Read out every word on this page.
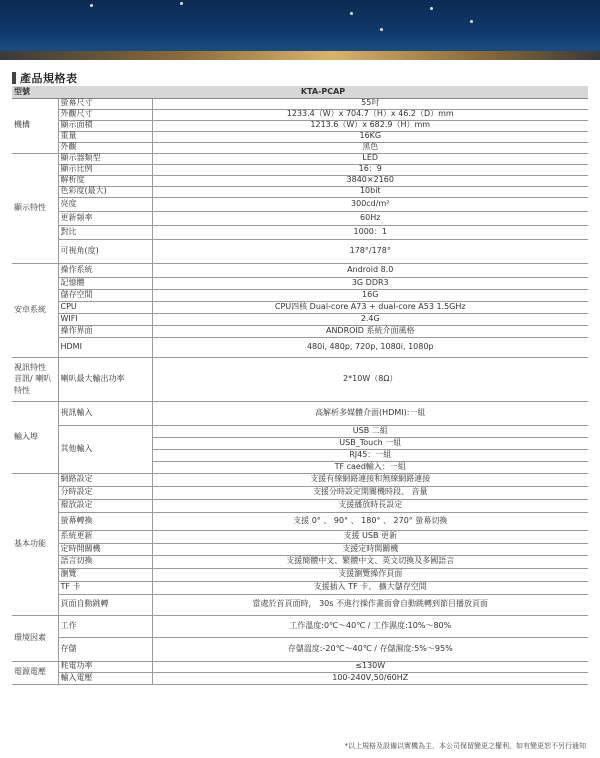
產品規格表
型號	KTA-PCAP	
機構	螢幕尺寸	55吋
	外觀尺寸	1233.4（W）x 704.7（H）x 46.2（D）mm
	顯示面積	1213.6（W）x 682.9（H）mm
	重量	16KG
	外觀	黑色
顯示特性	顯示器類型	LED
	顯示比例	16：9
	解析度	3840×2160
	色彩度(最大)	10bit
	亮度	300cd/m²
	更新頻率	60Hz
	對比	1000：1
	可視角(度)	178°/178°
安卓系統	操作系統	Android 8.0
	記憶體	3G DDR3
	儲存空間	16G
	CPU	CPU四核 Dual-core A73 + dual-core A53 1.5GHz
	WIFI	2.4G
	操作界面	ANDROID 系統介面風格
	HDMI	480i, 480p, 720p, 1080i, 1080p
視訊特性 音訊/ 喇叭特性	喇叭最大輸出功率	2*10W（8Ω）
輸入埠	視訊輸入	高解析多媒體介面(HDMI):一組
	其他輸入	USB 二組
		USB_Touch 一組
		RJ45：一組
		TF caed輸入：一組
基本功能	網路設定	支援有線網路連接和無線網路連接
	分時設定	支援分時設定開關機時段、 音量
	撥放設定	支援播放時長設定
	螢幕轉換	支援 0° 、 90° 、 180° 、 270° 螢幕切換
	系統更新	支援 USB 更新
	定時開關機	支援定時開關機
	語言切換	支援簡體中文、繁體中文、英文切換及多國語言
	瀏覽	支援瀏覽操作頁面
	TF 卡	支援插入 TF 卡、 擴大儲存空間
	頁面自動跳轉	當處於首頁面時， 30s 不進行操作畫面會自動跳轉到節目播放頁面
環境因素	工作	工作溫度:0℃～40℃ / 工作濕度:10%～80%
	存儲	存儲溫度:-20℃～40℃ / 存儲濕度:5%～95%
電源電壓	耗電功率	≤130W
	輸入電壓	100-240V,50/60HZ
*以上規格及設備以實機為主，本公司保留變更之權利，如有變更恕不另行通知
